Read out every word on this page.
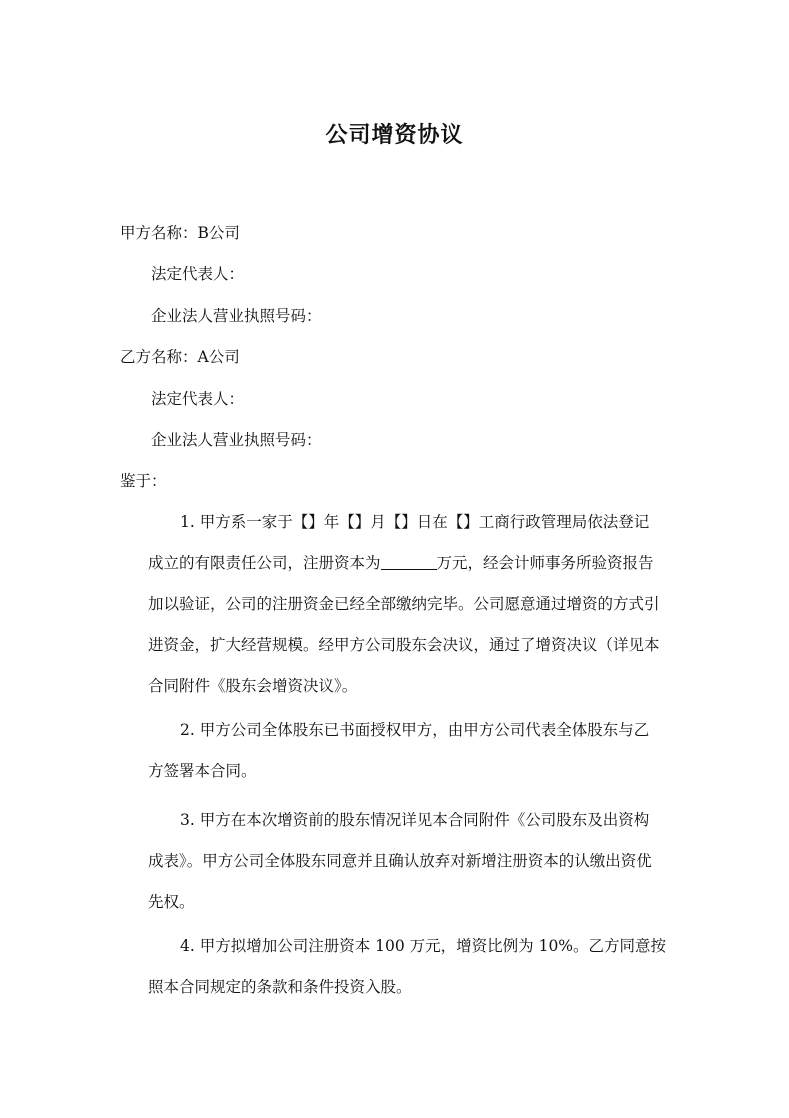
公司增资协议
甲方名称：B公司
法定代表人：
企业法人营业执照号码：
乙方名称：A公司
法定代表人：
企业法人营业执照号码：
鉴于：
1. 甲方系一家于【】年【】月【】日在【】工商行政管理局依法登记
成立的有限责任公司，注册资本为	万元，经会计师事务所验资报告
加以验证，公司的注册资金已经全部缴纳完毕。公司愿意通过增资的方式引
进资金，扩大经营规模。经甲方公司股东会决议，通过了增资决议（详见本
合同附件《股东会增资决议》。
2. 甲方公司全体股东已书面授权甲方，由甲方公司代表全体股东与乙
方签署本合同。
3. 甲方在本次增资前的股东情况详见本合同附件《公司股东及出资构
成表》。甲方公司全体股东同意并且确认放弃对新增注册资本的认缴出资优
先权。
4. 甲方拟增加公司注册资本 100 万元，增资比例为 10%。乙方同意按
照本合同规定的条款和条件投资入股。
